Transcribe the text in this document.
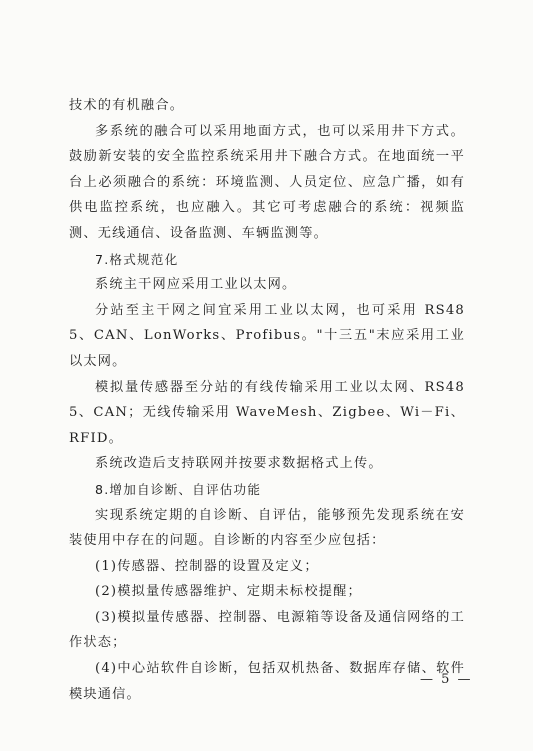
技术的有机融合。

多系统的融合可以采用地面方式，也可以采用井下方式。鼓励新安装的安全监控系统采用井下融合方式。在地面统一平台上必须融合的系统：环境监测、人员定位、应急广播，如有供电监控系统，也应融入。其它可考虑融合的系统：视频监测、无线通信、设备监测、车辆监测等。

7.格式规范化

系统主干网应采用工业以太网。

分站至主干网之间宜采用工业以太网，也可采用 RS485、CAN、LonWorks、Profibus。"十三五"末应采用工业以太网。

模拟量传感器至分站的有线传输采用工业以太网、RS485、CAN；无线传输采用 WaveMesh、Zigbee、Wi－Fi、RFID。

系统改造后支持联网并按要求数据格式上传。

8.增加自诊断、自评估功能

实现系统定期的自诊断、自评估，能够预先发现系统在安装使用中存在的问题。自诊断的内容至少应包括：

(1)传感器、控制器的设置及定义；

(2)模拟量传感器维护、定期未标校提醒；

(3)模拟量传感器、控制器、电源箱等设备及通信网络的工作状态；

(4)中心站软件自诊断，包括双机热备、数据库存储、软件模块通信。

— 5 —
